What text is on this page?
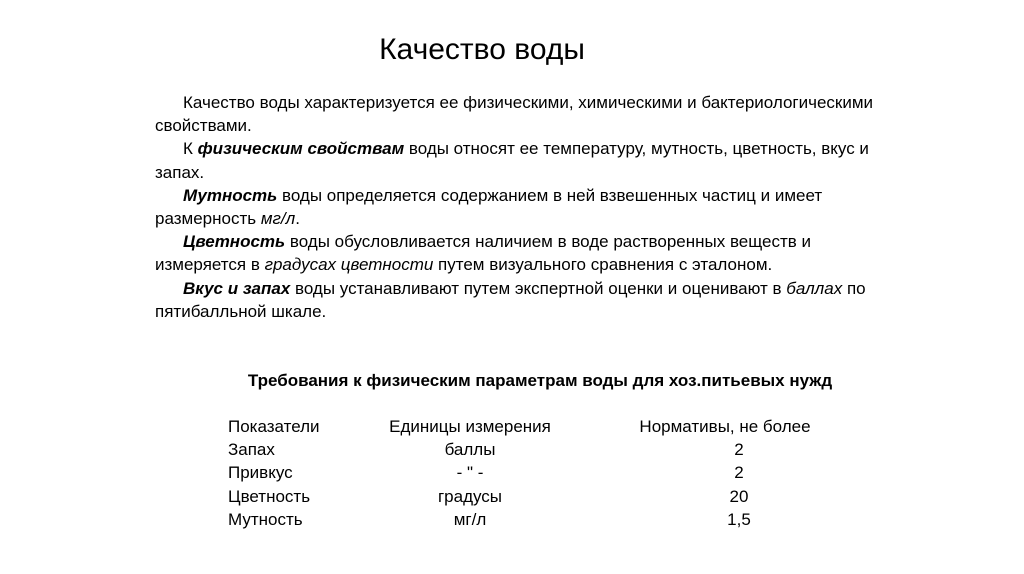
Качество воды

Качество воды характеризуется ее физическими, химическими и бактериологическими свойствами.

К физическим свойствам воды относят ее температуру, мутность, цветность, вкус и запах.

Мутность воды определяется содержанием в ней взвешенных частиц и имеет размерность мг/л.

Цветность воды обусловливается наличием в воде растворенных веществ и измеряется в градусах цветности путем визуального сравнения с эталоном.

Вкус и запах воды устанавливают путем экспертной оценки и оценивают в баллах по пятибалльной шкале.

Требования к физическим параметрам воды для хоз.питьевых нужд
Показатели	Единицы измерения	Нормативы, не более
Запах	баллы	2
Привкус	- " -	2
Цветность	градусы	20
Мутность	мг/л	1,5
